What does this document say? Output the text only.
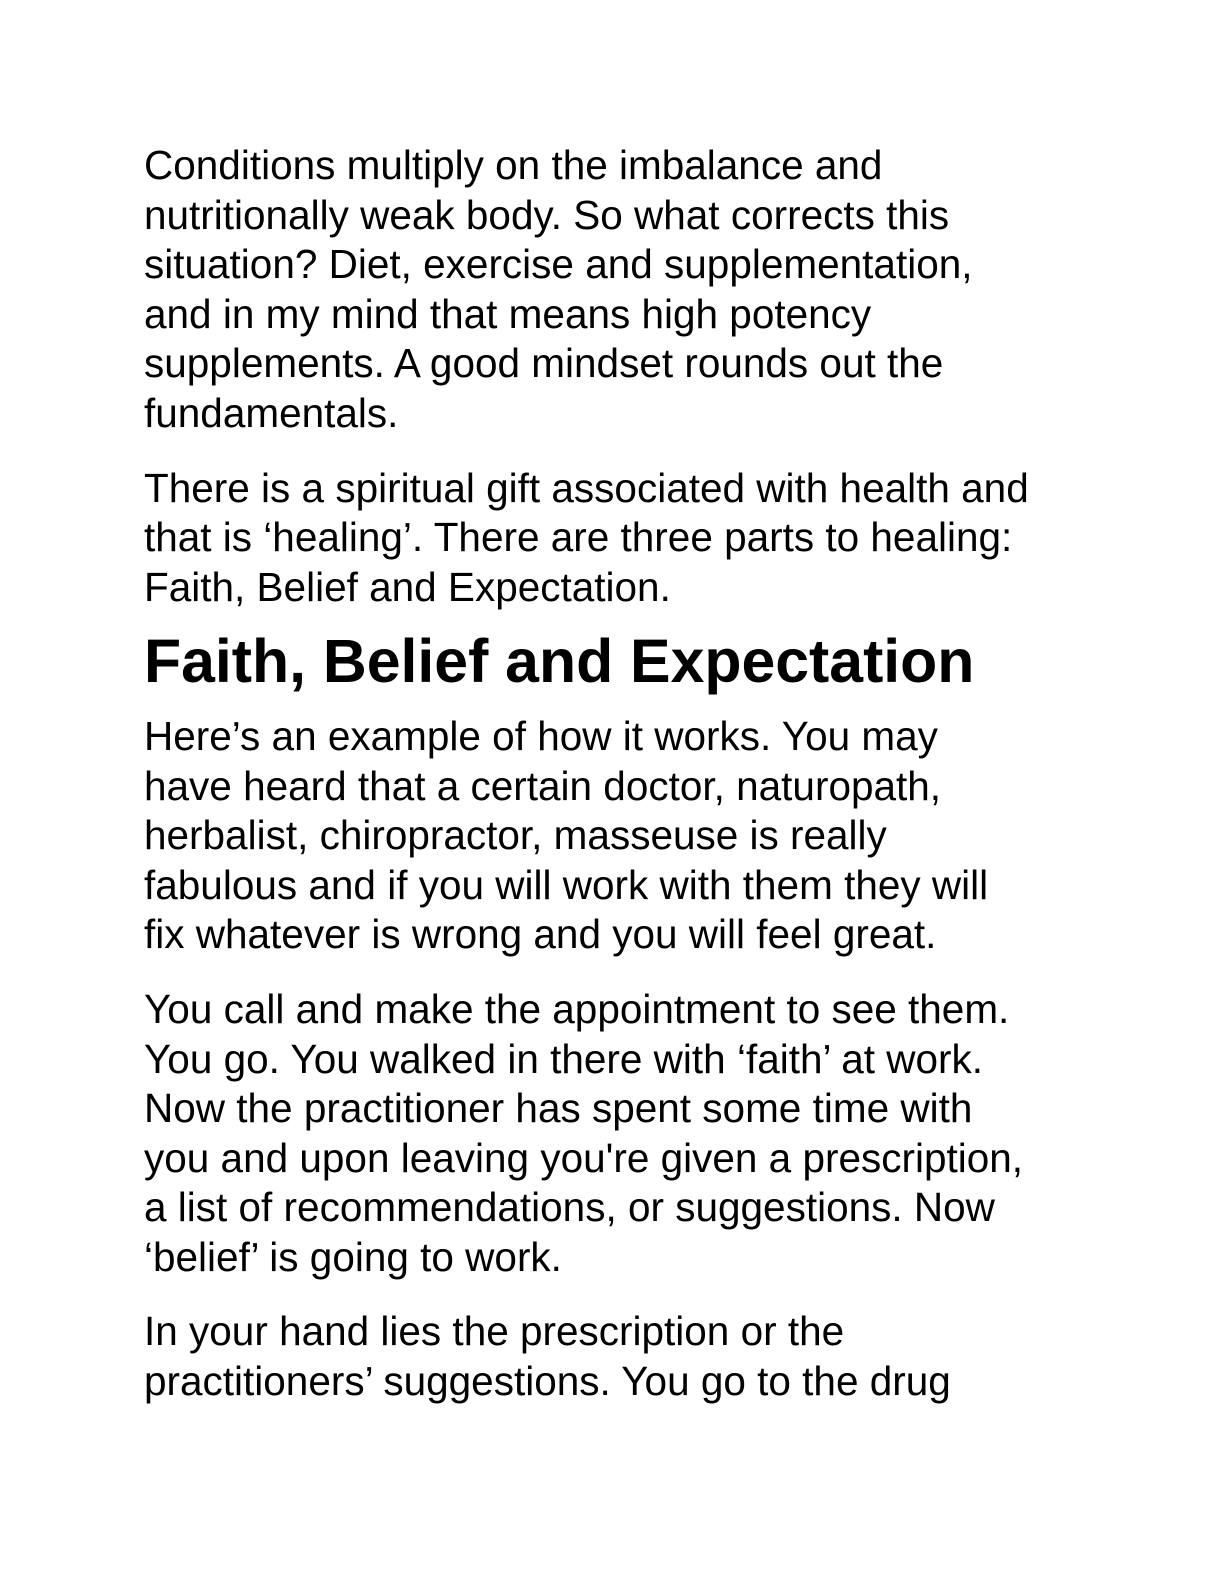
Conditions multiply on the imbalance and
nutritionally weak body. So what corrects this
situation? Diet, exercise and supplementation,
and in my mind that means high potency
supplements. A good mindset rounds out the
fundamentals.

There is a spiritual gift associated with health and
that is ‘healing’. There are three parts to healing:
Faith, Belief and Expectation.

Faith, Belief and Expectation

Here’s an example of how it works. You may
have heard that a certain doctor, naturopath,
herbalist, chiropractor, masseuse is really
fabulous and if you will work with them they will
fix whatever is wrong and you will feel great.

You call and make the appointment to see them.
You go. You walked in there with ‘faith’ at work.
Now the practitioner has spent some time with
you and upon leaving you're given a prescription,
a list of recommendations, or suggestions. Now
‘belief’ is going to work.

In your hand lies the prescription or the
practitioners’ suggestions. You go to the drug
